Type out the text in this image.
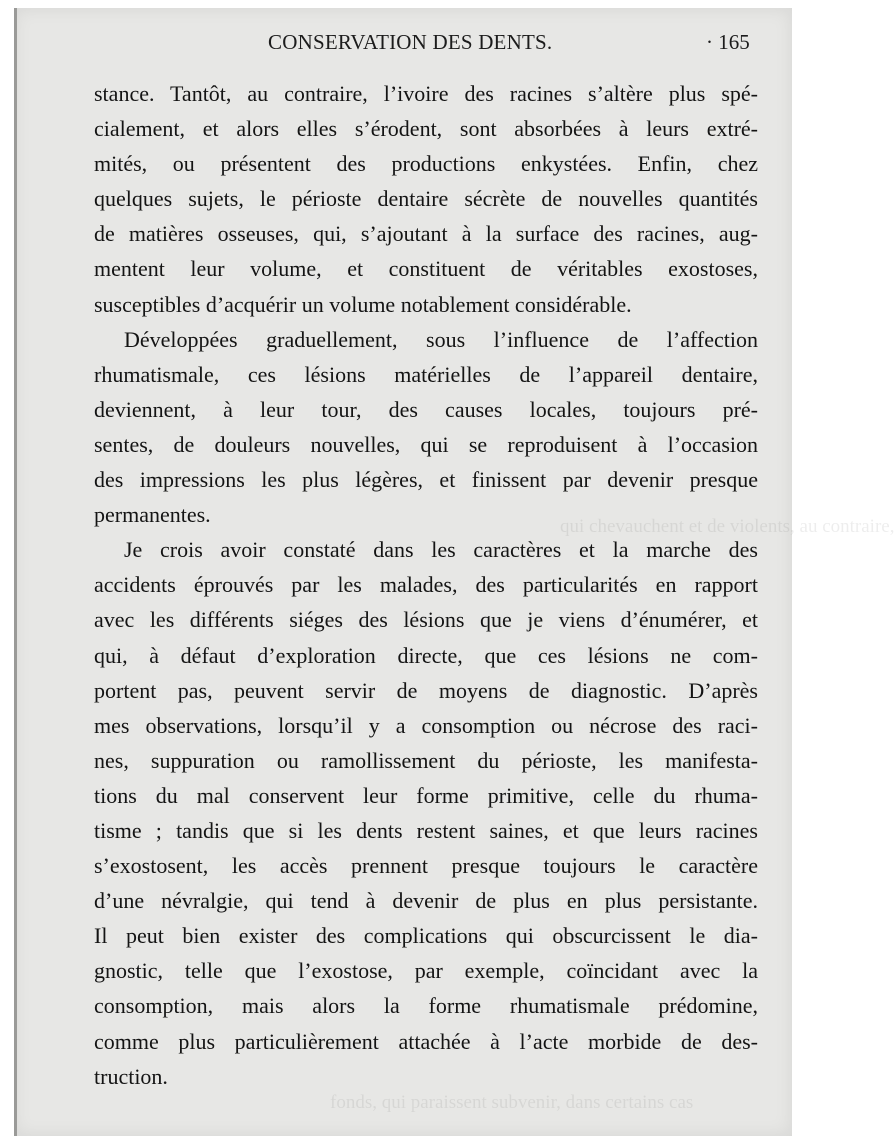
qui chevauchent et de violents, au contraire,
fonds, qui paraissent subvenir, dans certains cas
CONSERVATION DES DENTS.	· 165
stance. Tantôt, au contraire, l’ivoire des racines s’altère plus spé-
cialement, et alors elles s’érodent, sont absorbées à leurs extré-
mités, ou présentent des productions enkystées. Enfin, chez
quelques sujets, le périoste dentaire sécrète de nouvelles quantités
de matières osseuses, qui, s’ajoutant à la surface des racines, aug-
mentent leur volume, et constituent de véritables exostoses,
susceptibles d’acquérir un volume notablement considérable.
Développées graduellement, sous l’influence de l’affection
rhumatismale, ces lésions matérielles de l’appareil dentaire,
deviennent, à leur tour, des causes locales, toujours pré-
sentes, de douleurs nouvelles, qui se reproduisent à l’occasion
des impressions les plus légères, et finissent par devenir presque
permanentes.
Je crois avoir constaté dans les caractères et la marche des
accidents éprouvés par les malades, des particularités en rapport
avec les différents siéges des lésions que je viens d’énumérer, et
qui, à défaut d’exploration directe, que ces lésions ne com-
portent pas, peuvent servir de moyens de diagnostic. D’après
mes observations, lorsqu’il y a consomption ou nécrose des raci-
nes, suppuration ou ramollissement du périoste, les manifesta-
tions du mal conservent leur forme primitive, celle du rhuma-
tisme ; tandis que si les dents restent saines, et que leurs racines
s’exostosent, les accès prennent presque toujours le caractère
d’une névralgie, qui tend à devenir de plus en plus persistante.
Il peut bien exister des complications qui obscurcissent le dia-
gnostic, telle que l’exostose, par exemple, coïncidant avec la
consomption, mais alors la forme rhumatismale prédomine,
comme plus particulièrement attachée à l’acte morbide de des-
truction.
